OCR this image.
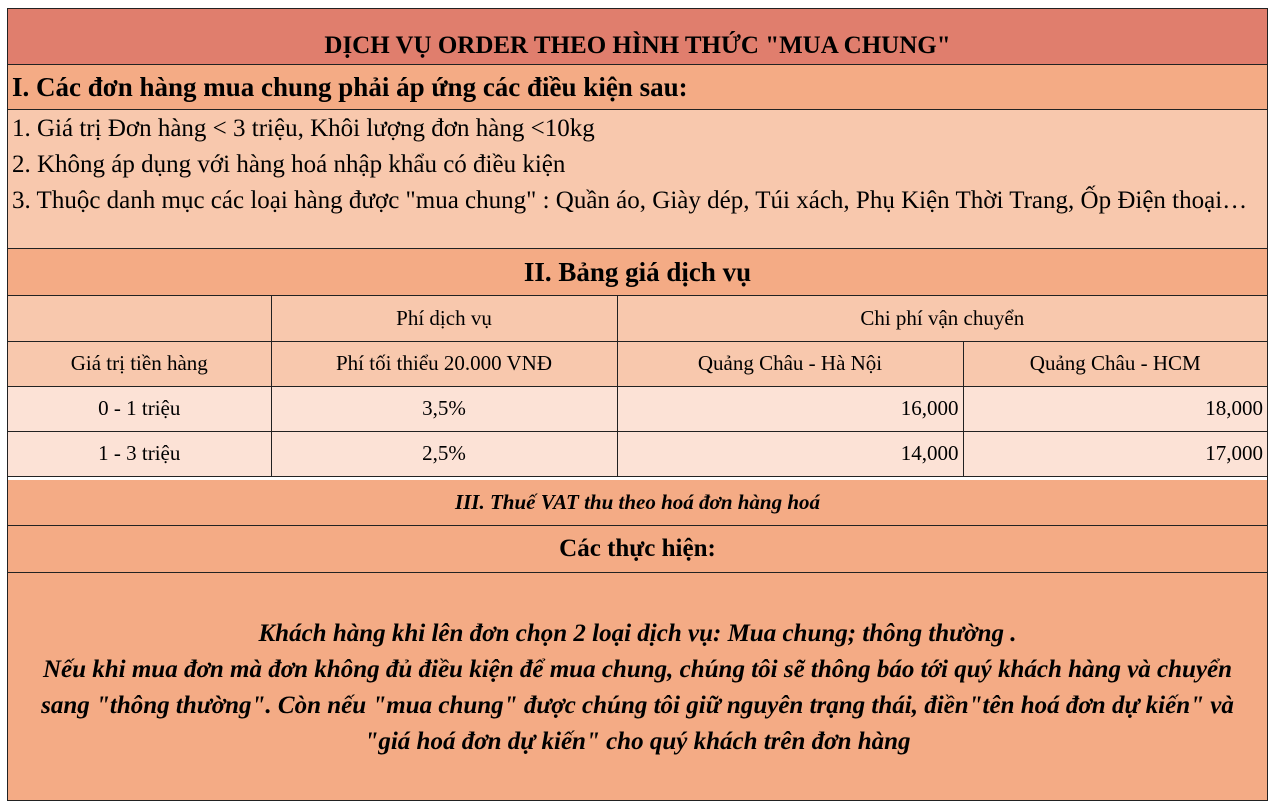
DỊCH VỤ ORDER THEO HÌNH THỨC "MUA CHUNG"
I. Các đơn hàng mua chung phải áp ứng các điều kiện sau:
1. Giá trị Đơn hàng < 3 triệu, Khôi lượng đơn hàng <10kg
2. Không áp dụng với hàng hoá nhập khẩu có điều kiện
3. Thuộc danh mục các loại hàng được "mua chung" : Quần áo, Giày dép, Túi xách, Phụ Kiện Thời Trang, Ốp Điện thoại…
II. Bảng giá dịch vụ
	Phí dịch vụ	Chi phí vận chuyển	
Giá trị tiền hàng	Phí tối thiểu 20.000 VNĐ	Quảng Châu - Hà Nội	Quảng Châu - HCM
0 - 1 triệu	3,5%	16,000	18,000
1 - 3 triệu	2,5%	14,000	17,000
III. Thuế VAT thu theo hoá đơn hàng hoá
Các thực hiện:
Khách hàng khi lên đơn chọn 2 loại dịch vụ: Mua chung; thông thường .
Nếu khi mua đơn mà đơn không đủ điều kiện để mua chung, chúng tôi sẽ thông báo tới quý khách hàng và chuyển sang "thông thường". Còn nếu "mua chung" được chúng tôi giữ nguyên trạng thái, điền"tên hoá đơn dự kiến" và "giá hoá đơn dự kiến" cho quý khách trên đơn hàng
